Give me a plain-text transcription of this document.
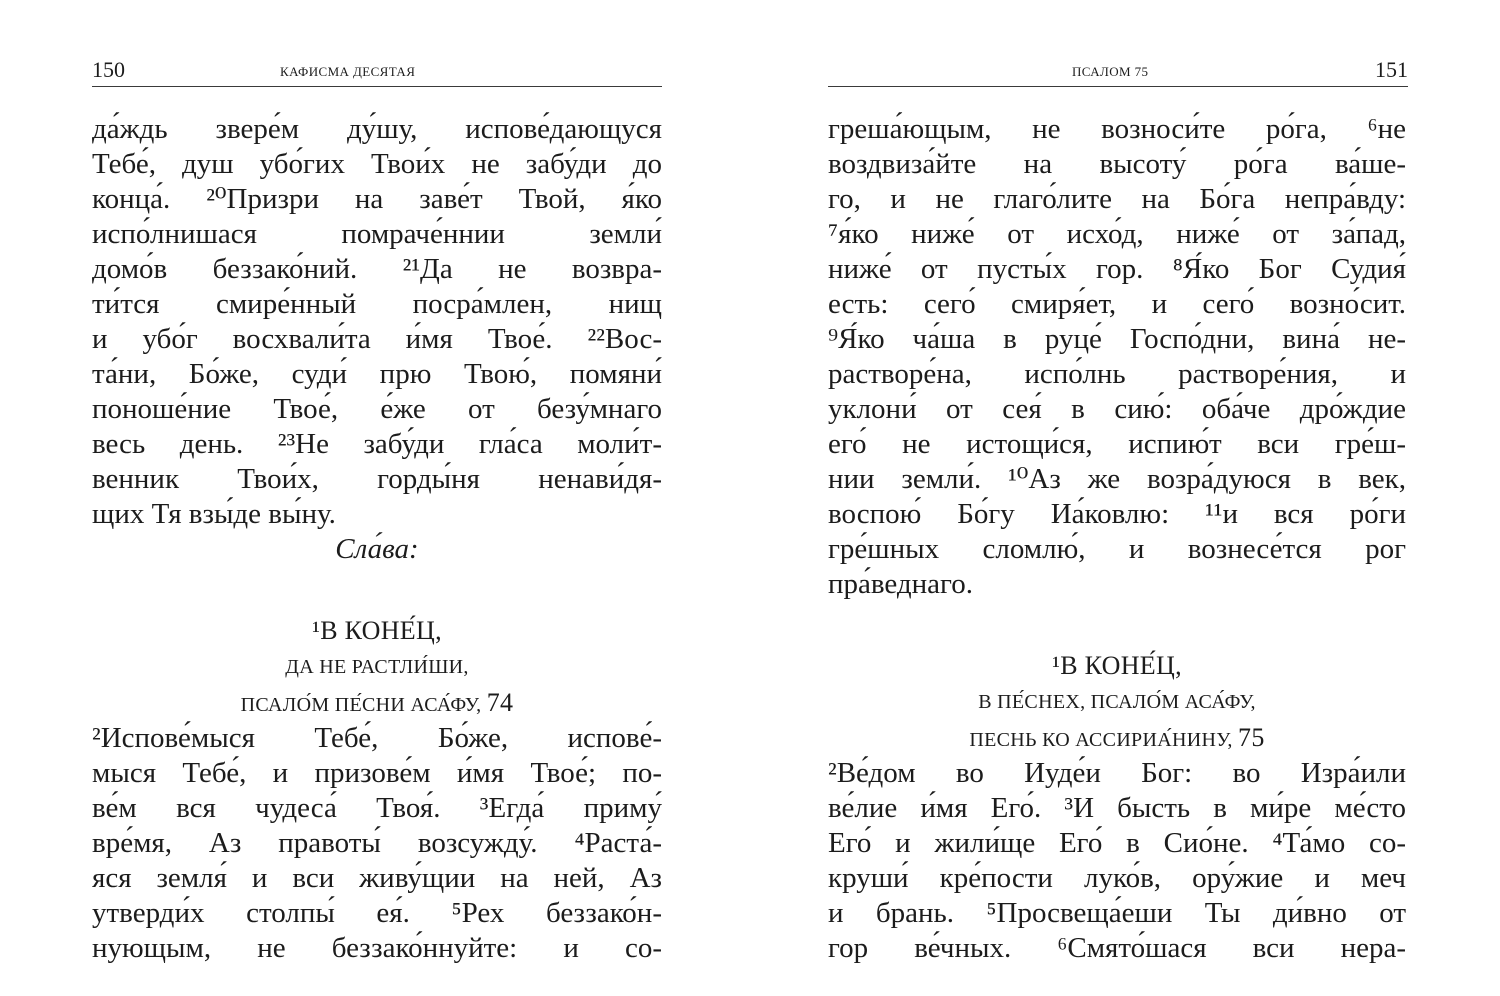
150	КАФИСМА ДЕСЯТАЯ
да́ждь звере́м ду́шу, испове́дающуся
Тебе́, душ убо́гих Твои́х не забу́ди до
конца́. ²⁰Призри на заве́т Твой, я́ко
испо́лнишася помраче́ннии земли́
домо́в беззако́ний. ²¹Да не возвра-
ти́тся смире́нный посра́млен, нищ
и убо́г восхвали́та и́мя Твое́. ²²Вос-
та́ни, Бо́же, суди́ прю Твою́, помяни́
поноше́ние Твое́, е́же от безу́мнаго
весь день. ²³Не забу́ди гла́са моли́т-
венник Твои́х, горды́ня ненави́дя-
щих Тя взы́де вы́ну.
Сла́ва:
¹В КОНЕ́Ц,
ДА НЕ РАСТЛИ́ШИ,
ПСАЛО́М ПЕ́СНИ АСА́ФУ, 74
²Испове́мыся Тебе́, Бо́же, испове́-
мыся Тебе́, и призове́м и́мя Твое́; по-
ве́м вся чудеса́ Твоя́. ³Егда́ приму́
вре́мя, Аз правоты́ возсужду́. ⁴Раста́-
яся земля́ и вси живу́щии на ней, Аз
утверди́х столпы́ ея́. ⁵Рех беззако́н-
нующым, не беззако́ннуйте: и со-
ПСАЛОМ 75	151
греша́ющым, не возноси́те ро́га, ⁶не
воздвиза́йте на высоту́ ро́га ва́ше-
го, и не глаго́лите на Бо́га непра́вду:
⁷я́ко ниже́ от исхо́д, ниже́ от за́пад,
ниже́ от пусты́х гор. ⁸Я́ко Бог Судия́
есть: сего́ смиря́ет, и сего́ возно́сит.
⁹Я́ко ча́ша в руце́ Госпо́дни, вина́ не-
растворе́на, испо́лнь растворе́ния, и
уклони́ от сея́ в сию́: оба́че дро́ждие
его́ не истощи́ся, испию́т вси гре́ш-
нии земли́. ¹⁰Аз же возра́дуюся в век,
воспою́ Бо́гу Иа́ковлю: ¹¹и вся ро́ги
гре́шных сломлю́, и вознесе́тся рог
пра́веднаго.
¹В КОНЕ́Ц,
В ПЕ́СНЕХ, ПСАЛО́М АСА́ФУ,
ПЕСНЬ КО АССИРИА́НИНУ, 75
²Ве́дом во Иуде́и Бог: во Изра́или
ве́лие и́мя Его́. ³И бысть в ми́ре ме́сто
Его́ и жили́ще Его́ в Сио́не. ⁴Та́мо со-
круши́ кре́пости луко́в, ору́жие и меч
и брань. ⁵Просвеща́еши Ты ди́вно от
гор ве́чных. ⁶Смято́шася вси нера-
